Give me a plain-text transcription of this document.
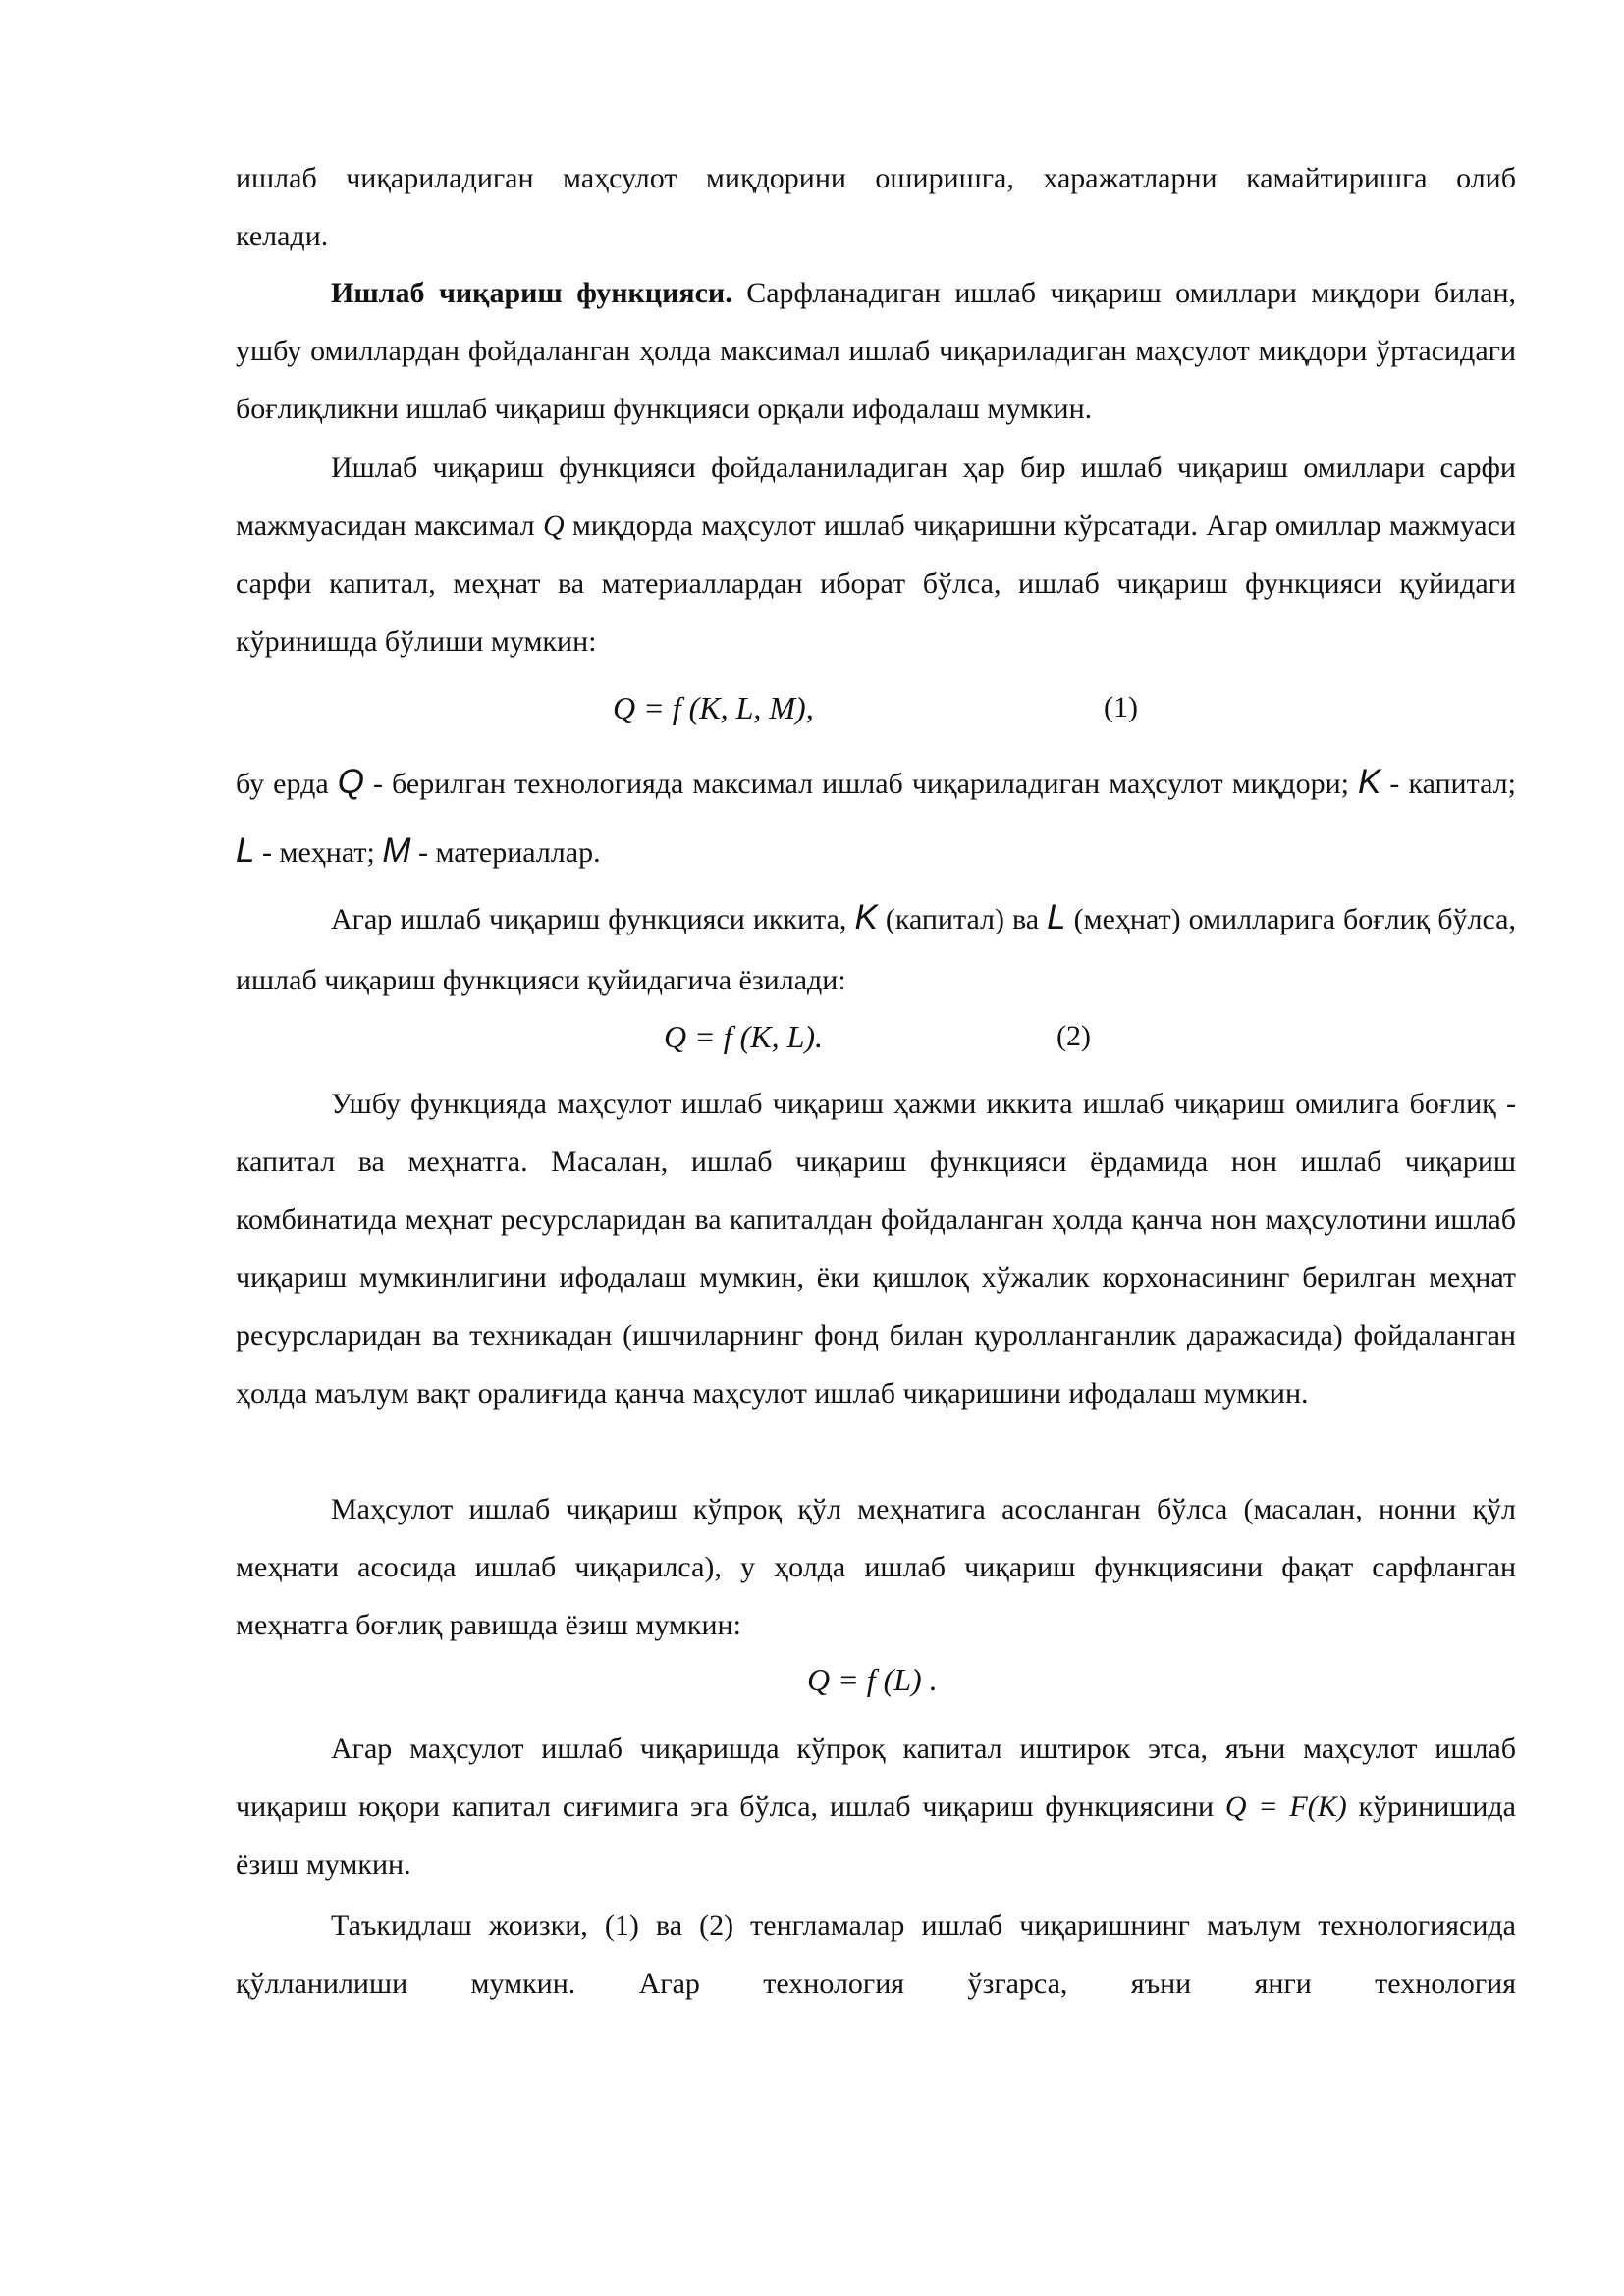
ишлаб чиқариладиган маҳсулот миқдорини оширишга, харажатларни камайтиришга олиб

келади.

Ишлаб чиқариш функцияси. Сарфланадиган ишлаб чиқариш омиллари миқдори билан, ушбу омиллардан фойдаланган ҳолда максимал ишлаб чиқариладиган маҳсулот миқдори ўртасидаги боғлиқликни ишлаб чиқариш функцияси орқали ифодалаш мумкин.

Ишлаб чиқариш функцияси фойдаланиладиган ҳар бир ишлаб чиқариш омиллари сарфи мажмуасидан максимал Q миқдорда маҳсулот ишлаб чиқаришни кўрсатади. Агар омиллар мажмуаси сарфи капитал, меҳнат ва материаллардан иборат бўлса, ишлаб чиқариш функцияси қуйидаги кўринишда бўлиши мумкин:

Q = f (K, L, M),	(1)

бу ерда Q - берилган технологияда максимал ишлаб чиқариладиган маҳсулот миқдори; K - капитал; L - меҳнат; M - материаллар.

Агар ишлаб чиқариш функцияси иккита, K (капитал) ва L (меҳнат) омилларига боғлиқ бўлса, ишлаб чиқариш функцияси қуйидагича ёзилади:

Q = f (K, L).	(2)

Ушбу функцияда маҳсулот ишлаб чиқариш ҳажми иккита ишлаб чиқариш омилига боғлиқ - капитал ва меҳнатга. Масалан, ишлаб чиқариш функцияси ёрдамида нон ишлаб чиқариш комбинатида меҳнат ресурсларидан ва капиталдан фойдаланган ҳолда қанча нон маҳсулотини ишлаб чиқариш мумкинлигини ифодалаш мумкин, ёки қишлоқ хўжалик корхонасининг берилган меҳнат ресурсларидан ва техникадан (ишчиларнинг фонд билан қуролланганлик даражасида) фойдаланган ҳолда маълум вақт оралиғида қанча маҳсулот ишлаб чиқаришини ифодалаш мумкин.

Маҳсулот ишлаб чиқариш кўпроқ қўл меҳнатига асосланган бўлса (масалан, нонни қўл меҳнати асосида ишлаб чиқарилса), у ҳолда ишлаб чиқариш функциясини фақат сарфланган меҳнатга боғлиқ равишда ёзиш мумкин:

Q = f (L) .

Агар маҳсулот ишлаб чиқаришда кўпроқ капитал иштирок этса, яъни маҳсулот ишлаб чиқариш юқори капитал сиғимига эга бўлса, ишлаб чиқариш функциясини Q = F(K) кўринишида ёзиш мумкин.

Таъкидлаш жоизки, (1) ва (2) тенгламалар ишлаб чиқаришнинг маълум технологиясида қўлланилиши мумкин. Агар технология ўзгарса, яъни янги технология
